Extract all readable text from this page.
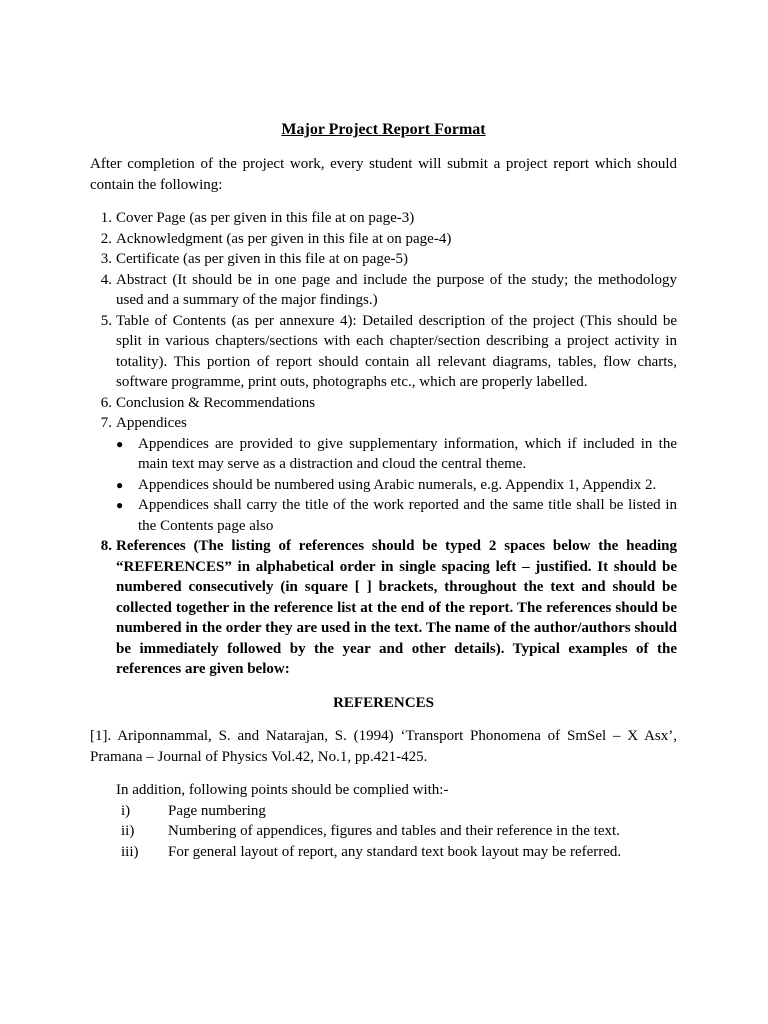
Major Project Report Format

After completion of the project work, every student will submit a project report which should contain the following:

1. Cover Page (as per given in this file at on page-3)
2. Acknowledgment (as per given in this file at on page-4)
3. Certificate (as per given in this file at on page-5)
4. Abstract (It should be in one page and include the purpose of the study; the methodology used and a summary of the major findings.)
5. Table of Contents (as per annexure 4): Detailed description of the project (This should be split in various chapters/sections with each chapter/section describing a project activity in totality). This portion of report should contain all relevant diagrams, tables, flow charts, software programme, print outs, photographs etc., which are properly labelled.
6. Conclusion & Recommendations
7. Appendices
● Appendices are provided to give supplementary information, which if included in the main text may serve as a distraction and cloud the central theme.
● Appendices should be numbered using Arabic numerals, e.g. Appendix 1, Appendix 2.
● Appendices shall carry the title of the work reported and the same title shall be listed in the Contents page also
8. References (The listing of references should be typed 2 spaces below the heading “REFERENCES” in alphabetical order in single spacing left – justified. It should be numbered consecutively (in square [ ] brackets, throughout the text and should be collected together in the reference list at the end of the report. The references should be numbered in the order they are used in the text. The name of the author/authors should be immediately followed by the year and other details). Typical examples of the references are given below:
REFERENCES

[1]. Ariponnammal, S. and Natarajan, S. (1994) ‘Transport Phonomena of SmSel – X Asx’, Pramana – Journal of Physics Vol.42, No.1, pp.421-425.

In addition, following points should be complied with:-

i)	Page numbering
ii) Numbering of appendices, figures and tables and their reference in the text.
iii) For general layout of report, any standard text book layout may be referred.
